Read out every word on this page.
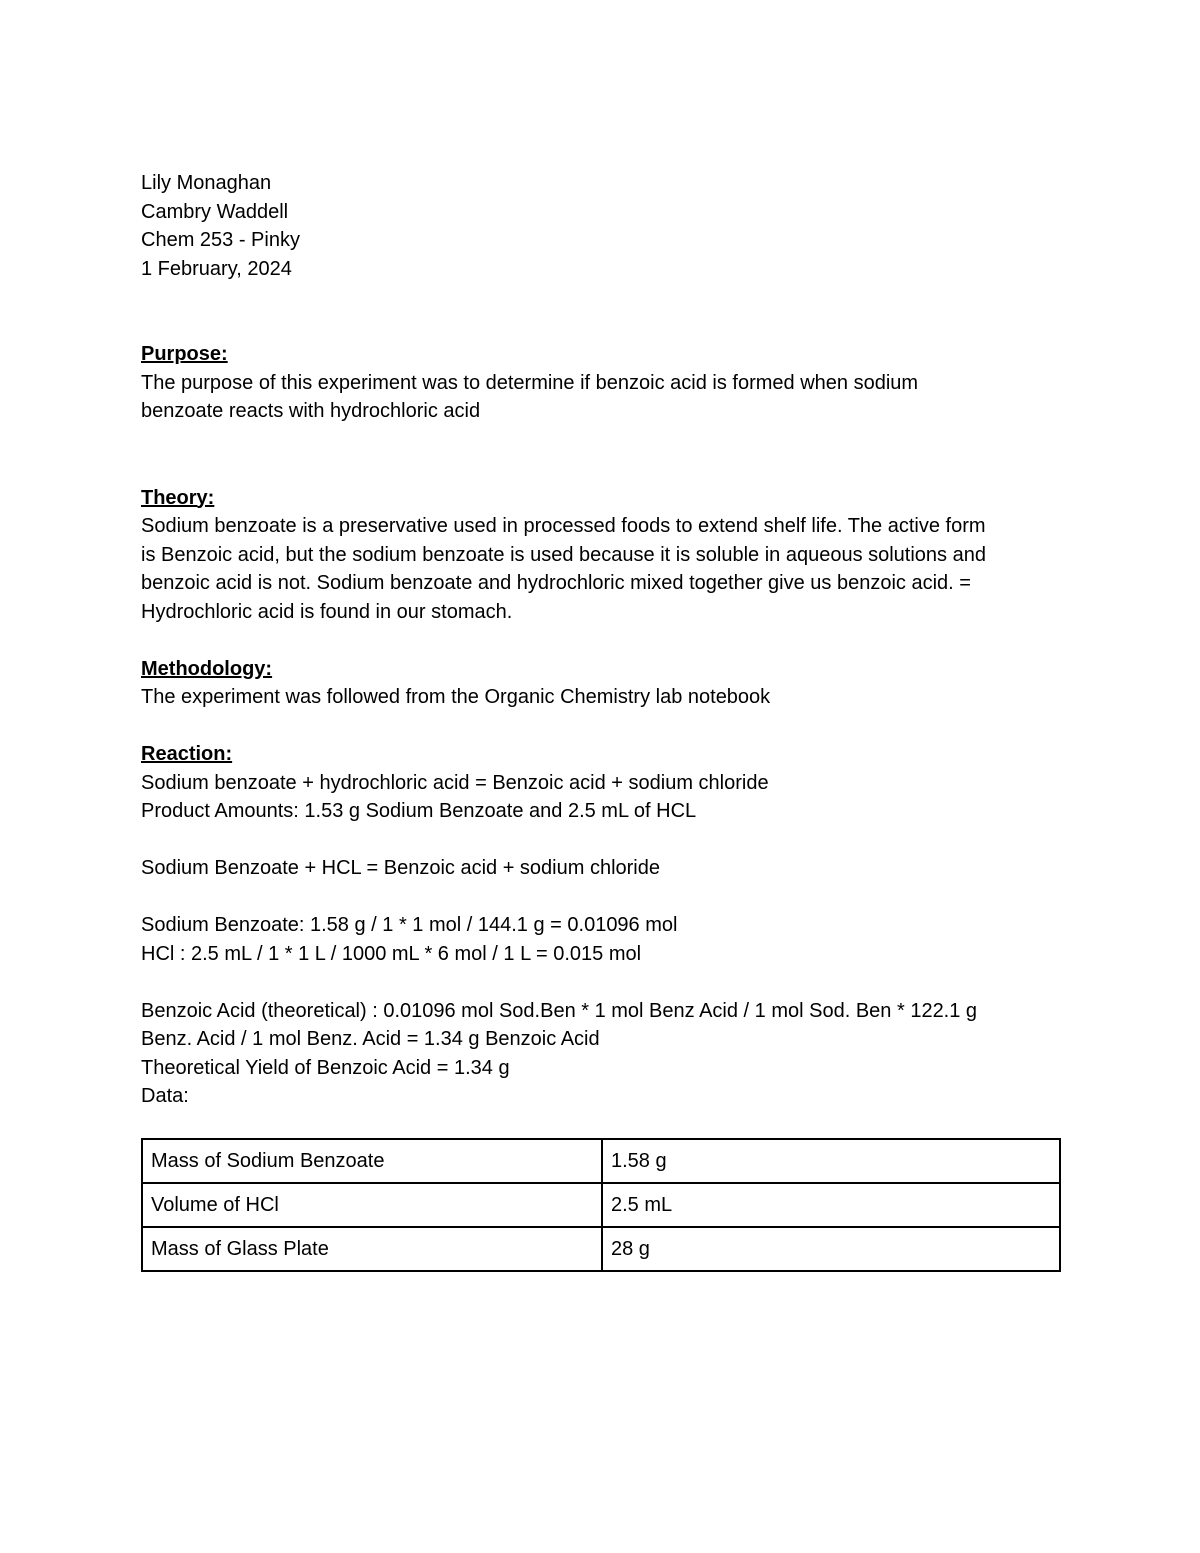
Lily Monaghan
Cambry Waddell
Chem 253 - Pinky
1 February, 2024
Purpose:
The purpose of this experiment was to determine if benzoic acid is formed when sodium
benzoate reacts with hydrochloric acid
Theory:
Sodium benzoate is a preservative used in processed foods to extend shelf life. The active form
is Benzoic acid, but the sodium benzoate is used because it is soluble in aqueous solutions and
benzoic acid is not. Sodium benzoate and hydrochloric mixed together give us benzoic acid. =
Hydrochloric acid is found in our stomach.
Methodology:
The experiment was followed from the Organic Chemistry lab notebook
Reaction:
Sodium benzoate + hydrochloric acid = Benzoic acid + sodium chloride
Product Amounts: 1.53 g Sodium Benzoate and 2.5 mL of HCL
Sodium Benzoate + HCL = Benzoic acid + sodium chloride
Sodium Benzoate: 1.58 g / 1 * 1 mol / 144.1 g = 0.01096 mol
HCl : 2.5 mL / 1 * 1 L / 1000 mL * 6 mol / 1 L = 0.015 mol
Benzoic Acid (theoretical) : 0.01096 mol Sod.Ben * 1 mol Benz Acid / 1 mol Sod. Ben * 122.1 g
Benz. Acid / 1 mol Benz. Acid = 1.34 g Benzoic Acid
Theoretical Yield of Benzoic Acid = 1.34 g
Data:
Mass of Sodium Benzoate	1.58 g
Volume of HCl	2.5 mL
Mass of Glass Plate	28 g
